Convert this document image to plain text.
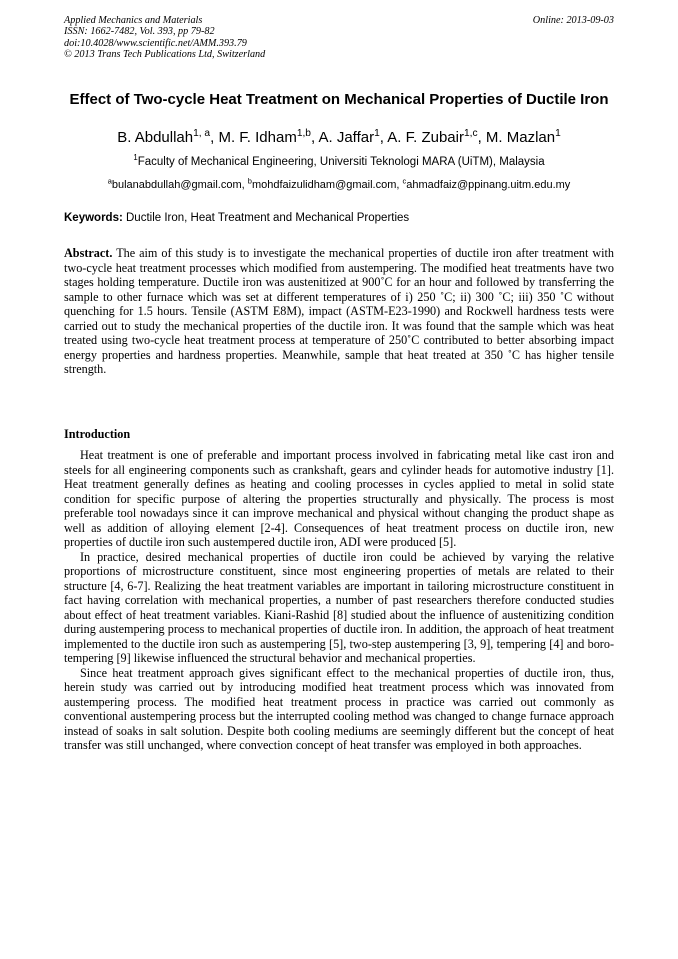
Applied Mechanics and Materials
ISSN: 1662-7482, Vol. 393, pp 79-82
doi:10.4028/www.scientific.net/AMM.393.79
© 2013 Trans Tech Publications Ltd, Switzerland
Online: 2013-09-03
Effect of Two-cycle Heat Treatment on Mechanical Properties of Ductile Iron
B. Abdullah$^{1, a}$, M. F. Idham$^{1,b}$, A. Jaffar$^1$, A. F. Zubair$^{1,c}$, M. Mazlan$^1$
$^1$Faculty of Mechanical Engineering, Universiti Teknologi MARA (UiTM), Malaysia
$^a$bulanabdullah@gmail.com, $^b$mohdfaizulidham@gmail.com, $^c$ahmadfaiz@ppinang.uitm.edu.my
Keywords: Ductile Iron, Heat Treatment and Mechanical Properties
Abstract. The aim of this study is to investigate the mechanical properties of ductile iron after treatment with two-cycle heat treatment processes which modified from austempering. The modified heat treatments have two stages holding temperature. Ductile iron was austenitized at 900˚C for an hour and followed by transferring the sample to other furnace which was set at different temperatures of i) 250 ˚C; ii) 300 ˚C; iii) 350 ˚C without quenching for 1.5 hours. Tensile (ASTM E8M), impact (ASTM-E23-1990) and Rockwell hardness tests were carried out to study the mechanical properties of the ductile iron. It was found that the sample which was heat treated using two-cycle heat treatment process at temperature of 250˚C contributed to better absorbing impact energy properties and hardness properties. Meanwhile, sample that heat treated at 350 ˚C has higher tensile strength.
Introduction

Heat treatment is one of preferable and important process involved in fabricating metal like cast iron and steels for all engineering components such as crankshaft, gears and cylinder heads for automotive industry [1]. Heat treatment generally defines as heating and cooling processes in cycles applied to metal in solid state condition for specific purpose of altering the properties structurally and physically. The process is most preferable tool nowadays since it can improve mechanical and physical without changing the product shape as well as addition of alloying element [2-4]. Consequences of heat treatment process on ductile iron, new properties of ductile iron such austempered ductile iron, ADI were produced [5].

In practice, desired mechanical properties of ductile iron could be achieved by varying the relative proportions of microstructure constituent, since most engineering properties of metals are related to their structure [4, 6-7]. Realizing the heat treatment variables are important in tailoring microstructure constituent in fact having correlation with mechanical properties, a number of past researchers therefore conducted studies about effect of heat treatment variables. Kiani-Rashid [8] studied about the influence of austenitizing condition during austempering process to mechanical properties of ductile iron. In addition, the approach of heat treatment implemented to the ductile iron such as austempering [5], two-step austempering [3, 9], tempering [4] and boro-tempering [9] likewise influenced the structural behavior and mechanical properties.

Since heat treatment approach gives significant effect to the mechanical properties of ductile iron, thus, herein study was carried out by introducing modified heat treatment process which was innovated from austempering process. The modified heat treatment process in practice was carried out commonly as conventional austempering process but the interrupted cooling method was changed to change furnace approach instead of soaks in salt solution. Despite both cooling mediums are seemingly different but the concept of heat transfer was still unchanged, where convection concept of heat transfer was employed in both approaches.
